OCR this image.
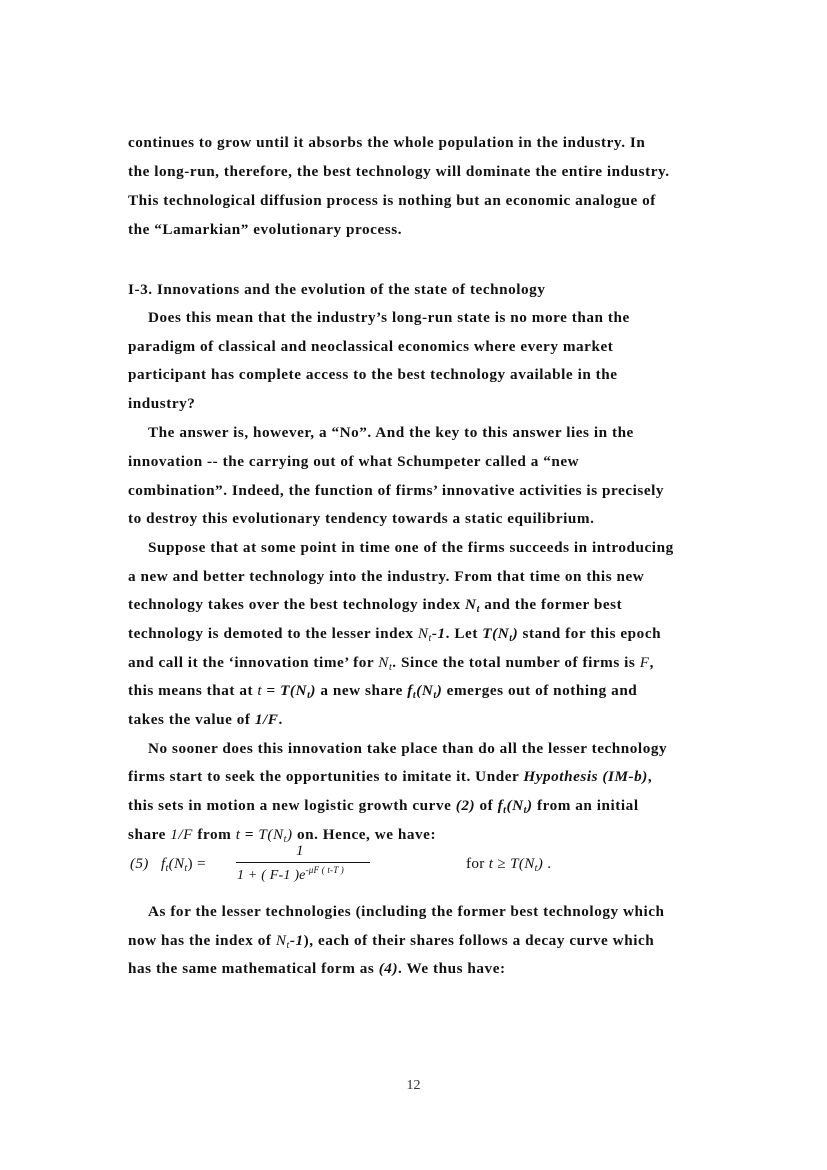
continues to grow until it absorbs the whole population in the industry. In
the long-run, therefore, the best technology will dominate the entire industry.
This technological diffusion process is nothing but an economic analogue of
the “Lamarkian” evolutionary process.
I-3. Innovations and the evolution of the state of technology
Does this mean that the industry’s long-run state is no more than the
paradigm of classical and neoclassical economics where every market
participant has complete access to the best technology available in the
industry?
The answer is, however, a “No”. And the key to this answer lies in the
innovation -- the carrying out of what Schumpeter called a “new
combination”. Indeed, the function of firms’ innovative activities is precisely
to destroy this evolutionary tendency towards a static equilibrium.
Suppose that at some point in time one of the firms succeeds in introducing
a new and better technology into the industry. From that time on this new
technology takes over the best technology index $N_t$ and the former best
technology is demoted to the lesser index $N_t-1$. Let $T(N_t)$ stand for this epoch
and call it the ‘innovation time’ for $N_t$. Since the total number of firms is F,
this means that at $t = T(N_t)$ a new share $f_t(N_t)$ emerges out of nothing and
takes the value of 1/F.
No sooner does this innovation take place than do all the lesser technology
firms start to seek the opportunities to imitate it. Under Hypothesis (IM-b),
this sets in motion a new logistic growth curve (2) of $f_t(N_t)$ from an initial
share 1/F from $t = T(N_t)$ on. Hence, we have:
(5) $f_t(N_t)$ =
1
1 + ( F-1 )$e^{-\mu F ( t-T )}$	for $t \ge T(N_t)$ .
As for the lesser technologies (including the former best technology which
now has the index of $N_t-1$), each of their shares follows a decay curve which
has the same mathematical form as (4). We thus have:
12
